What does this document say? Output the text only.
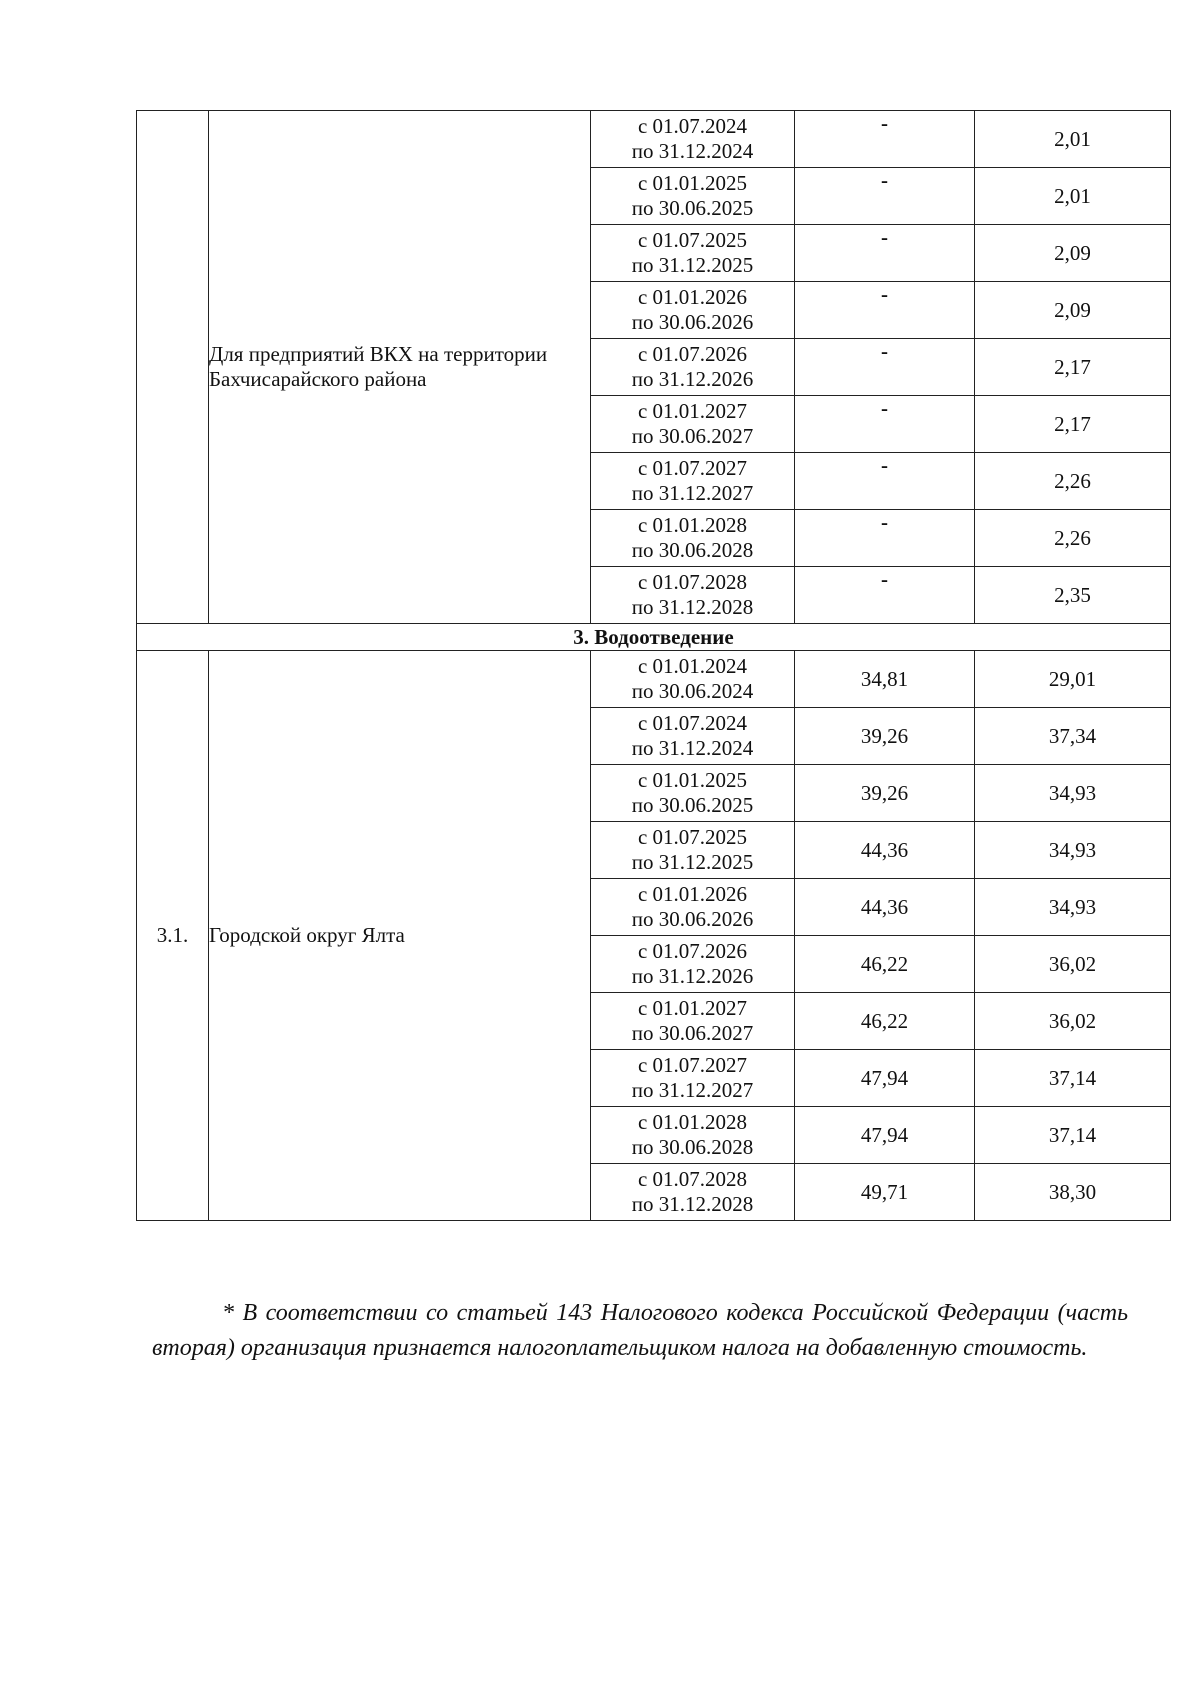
	Для предприятий ВКХ на территории Бахчисарайского района	с 01.07.2024
по 31.12.2024	-	2,01

		с 01.01.2025
по 30.06.2025	-	2,01

		с 01.07.2025
по 31.12.2025	-	2,09

		с 01.01.2026
по 30.06.2026	-	2,09

		с 01.07.2026
по 31.12.2026	-	2,17

		с 01.01.2027
по 30.06.2027	-	2,17

		с 01.07.2027
по 31.12.2027	-	2,26

		с 01.01.2028
по 30.06.2028	-	2,26

		с 01.07.2028
по 31.12.2028	-	2,35
3. Водоотведение				
3.1.	Городской округ Ялта	с 01.01.2024
по 30.06.2024	34,81	29,01

		с 01.07.2024
по 31.12.2024	39,26	37,34

		с 01.01.2025
по 30.06.2025	39,26	34,93

		с 01.07.2025
по 31.12.2025	44,36	34,93

		с 01.01.2026
по 30.06.2026	44,36	34,93

		с 01.07.2026
по 31.12.2026	46,22	36,02

		с 01.01.2027
по 30.06.2027	46,22	36,02

		с 01.07.2027
по 31.12.2027	47,94	37,14

		с 01.01.2028
по 30.06.2028	47,94	37,14

		с 01.07.2028
по 31.12.2028	49,71	38,30

* В соответствии со статьей 143 Налогового кодекса Российской Федерации (часть вторая) организация признается налогоплательщиком налога на добавленную стоимость.
